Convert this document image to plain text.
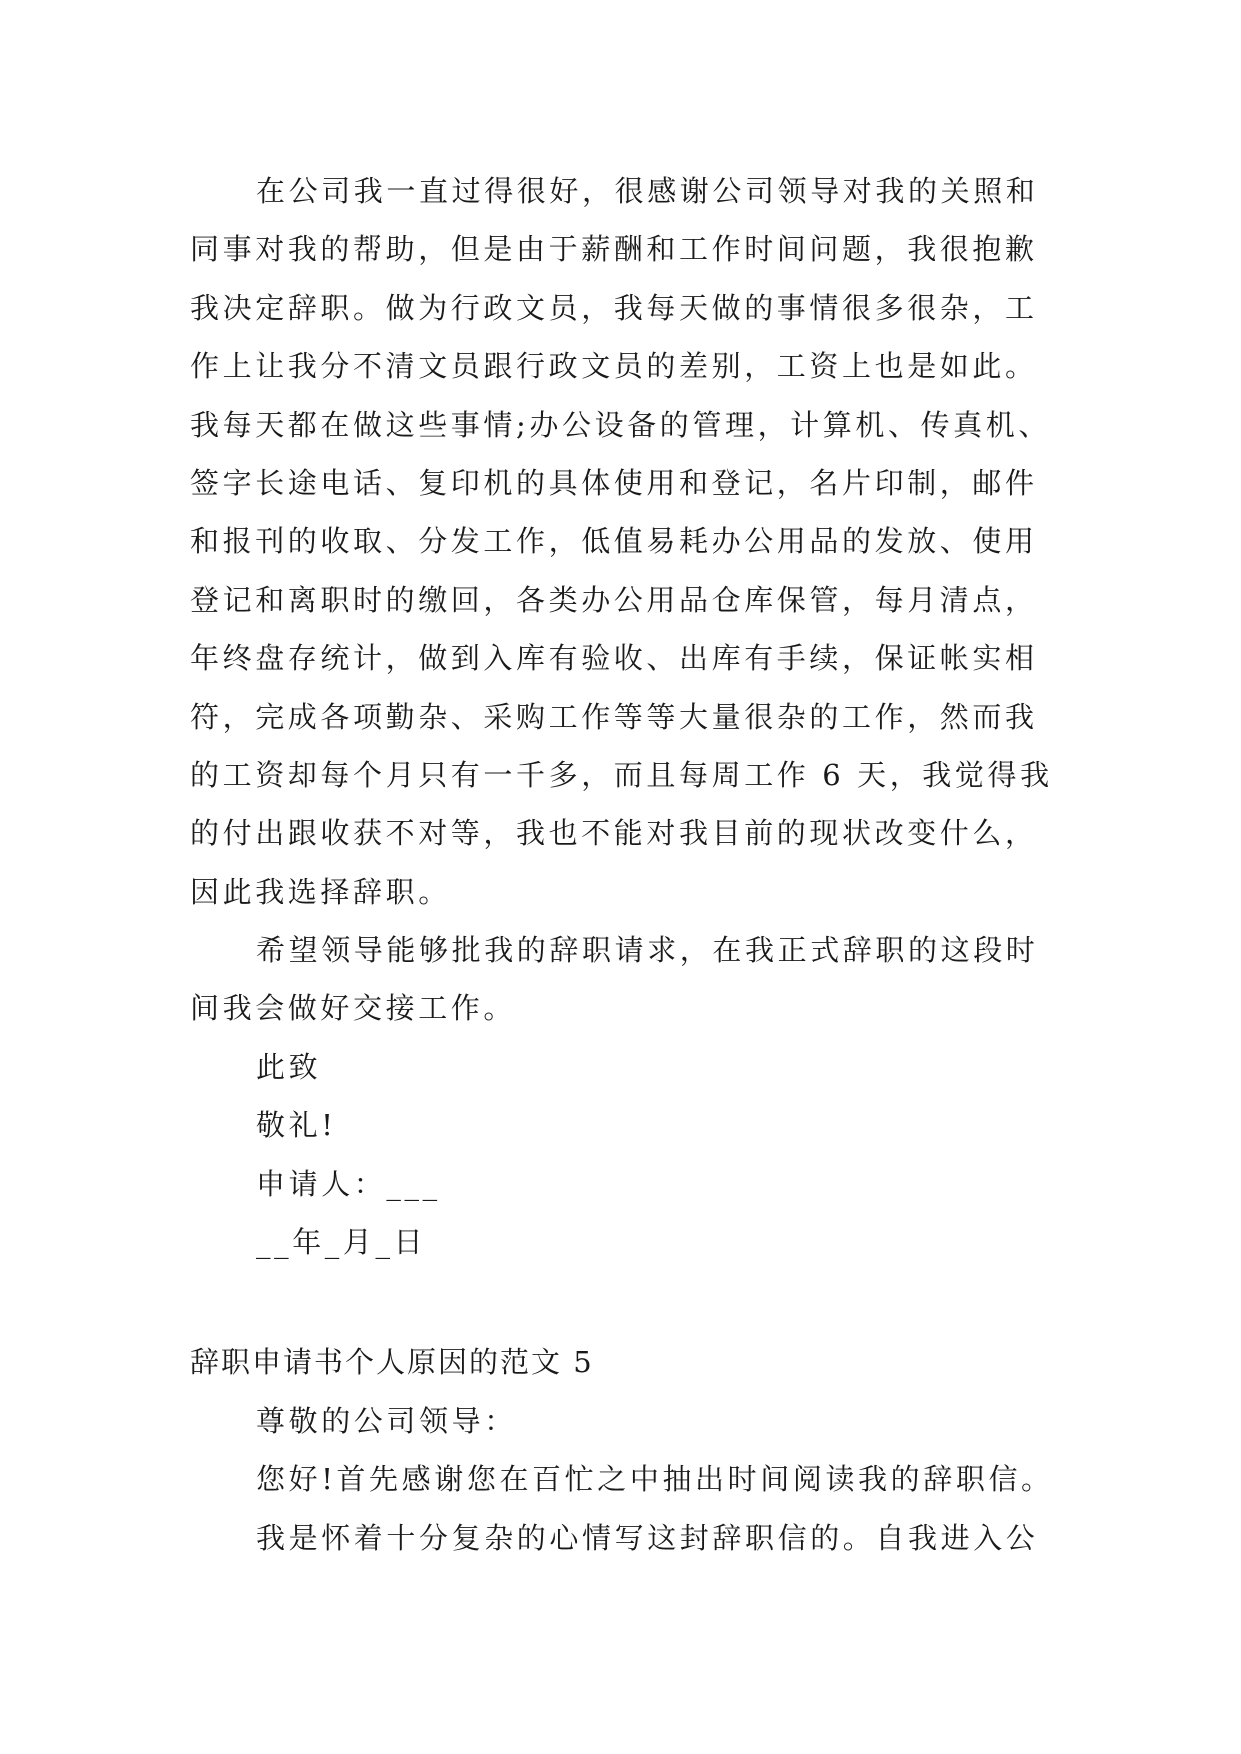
在公司我一直过得很好，很感谢公司领导对我的关照和
同事对我的帮助，但是由于薪酬和工作时间问题，我很抱歉
我决定辞职。做为行政文员，我每天做的事情很多很杂，工
作上让我分不清文员跟行政文员的差别，工资上也是如此。
我每天都在做这些事情;办公设备的管理，计算机、传真机、
签字长途电话、复印机的具体使用和登记，名片印制，邮件
和报刊的收取、分发工作，低值易耗办公用品的发放、使用
登记和离职时的缴回，各类办公用品仓库保管，每月清点，
年终盘存统计，做到入库有验收、出库有手续，保证帐实相
符，完成各项勤杂、采购工作等等大量很杂的工作，然而我
的工资却每个月只有一千多，而且每周工作 6 天，我觉得我
的付出跟收获不对等，我也不能对我目前的现状改变什么，
因此我选择辞职。
希望领导能够批我的辞职请求，在我正式辞职的这段时
间我会做好交接工作。
此致
敬礼!
申请人：___
__年_月_日
辞职申请书个人原因的范文 5
尊敬的公司领导：
您好!首先感谢您在百忙之中抽出时间阅读我的辞职信。
我是怀着十分复杂的心情写这封辞职信的。自我进入公
